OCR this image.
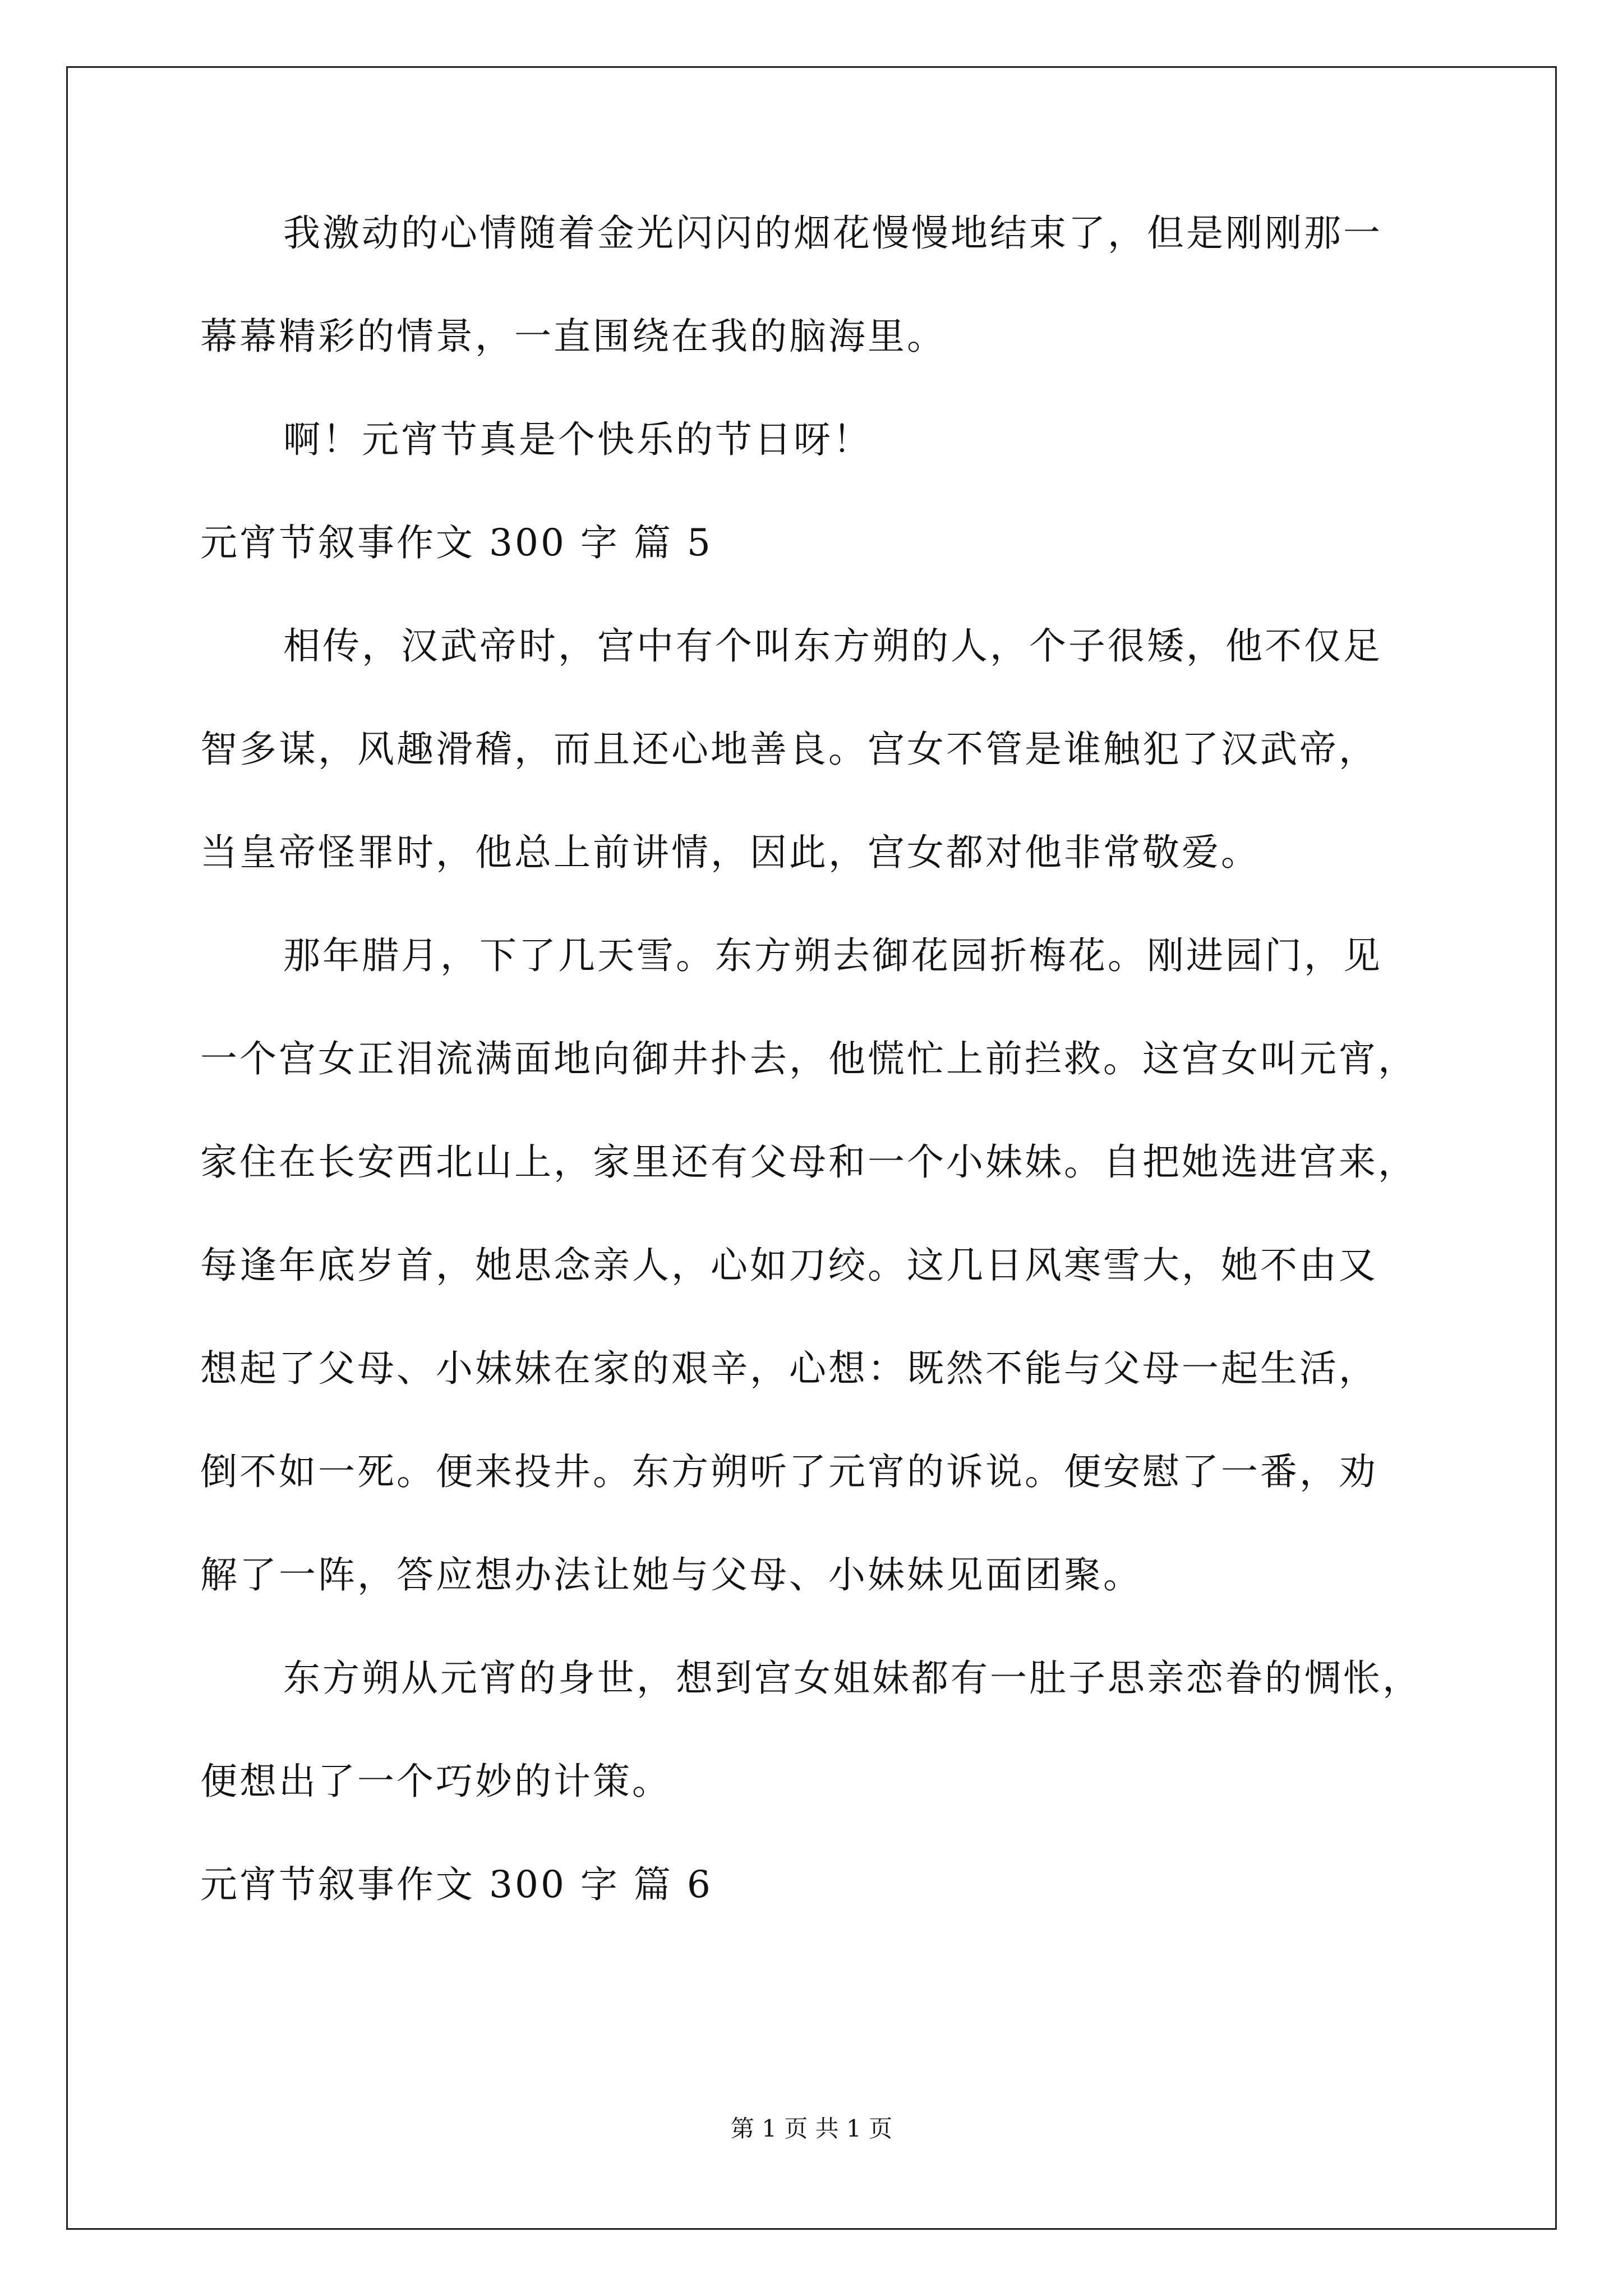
我激动的心情随着金光闪闪的烟花慢慢地结束了，但是刚刚那一
幕幕精彩的情景，一直围绕在我的脑海里。
啊！元宵节真是个快乐的节日呀！
元宵节叙事作文 300 字 篇 5
相传，汉武帝时，宫中有个叫东方朔的人，个子很矮，他不仅足
智多谋，风趣滑稽，而且还心地善良。宫女不管是谁触犯了汉武帝，
当皇帝怪罪时，他总上前讲情，因此，宫女都对他非常敬爱。
那年腊月，下了几天雪。东方朔去御花园折梅花。刚进园门，见
一个宫女正泪流满面地向御井扑去，他慌忙上前拦救。这宫女叫元宵，
家住在长安西北山上，家里还有父母和一个小妹妹。自把她选进宫来，
每逢年底岁首，她思念亲人，心如刀绞。这几日风寒雪大，她不由又
想起了父母、小妹妹在家的艰辛，心想：既然不能与父母一起生活，
倒不如一死。便来投井。东方朔听了元宵的诉说。便安慰了一番，劝
解了一阵，答应想办法让她与父母、小妹妹见面团聚。
东方朔从元宵的身世，想到宫女姐妹都有一肚子思亲恋眷的惆怅，
便想出了一个巧妙的计策。
元宵节叙事作文 300 字 篇 6
第 1 页 共 1 页
